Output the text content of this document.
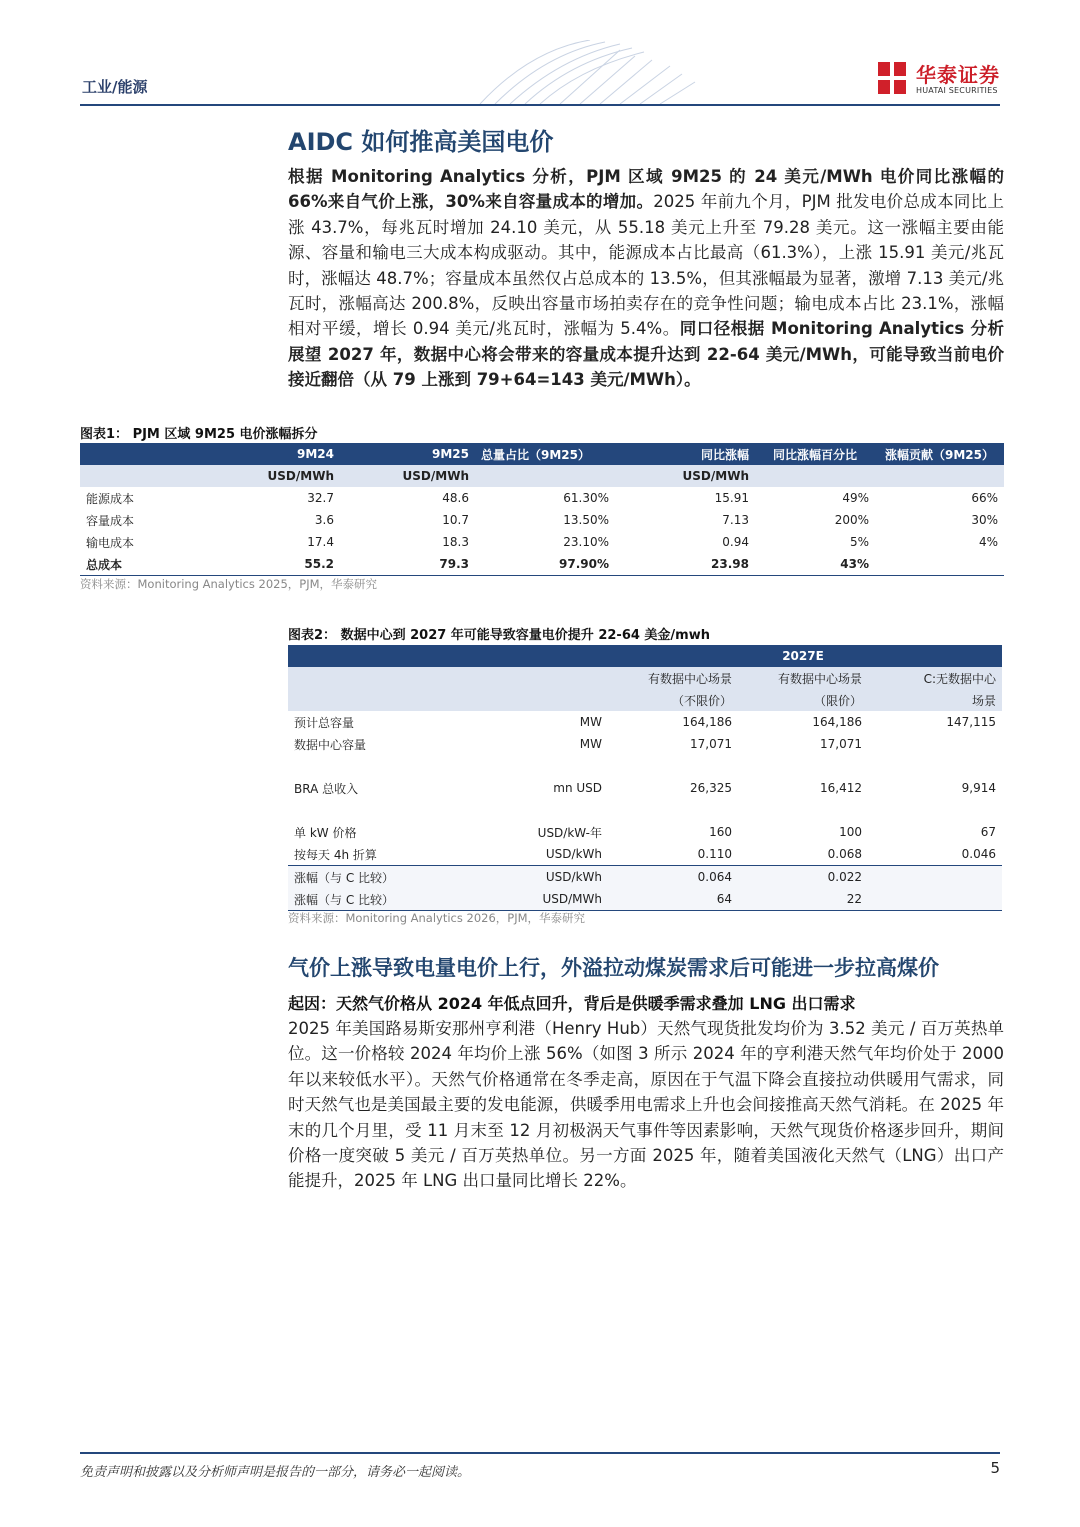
工业/能源
华泰证券
HUATAI SECURITIES
AIDC 如何推高美国电价
根据 Monitoring Analytics 分析，PJM 区域 9M25 的 24 美元/MWh 电价同比涨幅的 66%来自气价上涨，30%来自容量成本的增加。2025 年前九个月，PJM 批发电价总成本同比上涨 43.7%，每兆瓦时增加 24.10 美元，从 55.18 美元上升至 79.28 美元。这一涨幅主要由能源、容量和输电三大成本构成驱动。其中，能源成本占比最高（61.3%），上涨 15.91 美元/兆瓦时，涨幅达 48.7%；容量成本虽然仅占总成本的 13.5%，但其涨幅最为显著，激增 7.13 美元/兆瓦时，涨幅高达 200.8%，反映出容量市场拍卖存在的竞争性问题；输电成本占比 23.1%，涨幅相对平缓，增长 0.94 美元/兆瓦时，涨幅为 5.4%。同口径根据 Monitoring Analytics 分析展望 2027 年，数据中心将会带来的容量成本提升达到 22-64 美元/MWh，可能导致当前电价接近翻倍（从 79 上涨到 79+64=143 美元/MWh）。
图表1： PJM 区域 9M25 电价涨幅拆分
	9M24	9M25	总量占比（9M25）	同比涨幅	同比涨幅百分比	涨幅贡献（9M25）
	USD/MWh	USD/MWh		USD/MWh		
能源成本	32.7	48.6	61.30%	15.91	49%	66%
容量成本	3.6	10.7	13.50%	7.13	200%	30%
输电成本	17.4	18.3	23.10%	0.94	5%	4%
总成本	55.2	79.3	97.90%	23.98	43%	
资料来源：Monitoring Analytics 2025，PJM，华泰研究
图表2： 数据中心到 2027 年可能导致容量电价提升 22-64 美金/mwh
			2027E	
		有数据中心场景	有数据中心场景	C:无数据中心
		（不限价）	（限价）	场景
预计总容量	MW	164,186	164,186	147,115
数据中心容量	MW	17,071	17,071	

BRA 总收入	mn USD	26,325	16,412	9,914

单 kW 价格	USD/kW-年	160	100	67
按每天 4h 折算	USD/kWh	0.110	0.068	0.046
涨幅（与 C 比较）	USD/kWh	0.064	0.022	
涨幅（与 C 比较）	USD/MWh	64	22	
资料来源：Monitoring Analytics 2026，PJM，华泰研究
气价上涨导致电量电价上行，外溢拉动煤炭需求后可能进一步拉高煤价
起因：天然气价格从 2024 年低点回升，背后是供暖季需求叠加 LNG 出口需求
2025 年美国路易斯安那州亨利港（Henry Hub）天然气现货批发均价为 3.52 美元 / 百万英热单位。这一价格较 2024 年均价上涨 56%（如图 3 所示 2024 年的亨利港天然气年均价处于 2000 年以来较低水平）。天然气价格通常在冬季走高，原因在于气温下降会直接拉动供暖用气需求，同时天然气也是美国最主要的发电能源，供暖季用电需求上升也会间接推高天然气消耗。在 2025 年末的几个月里，受 11 月末至 12 月初极涡天气事件等因素影响，天然气现货价格逐步回升，期间价格一度突破 5 美元 / 百万英热单位。另一方面 2025 年，随着美国液化天然气（LNG）出口产能提升，2025 年 LNG 出口量同比增长 22%。
免责声明和披露以及分析师声明是报告的一部分，请务必一起阅读。	5
